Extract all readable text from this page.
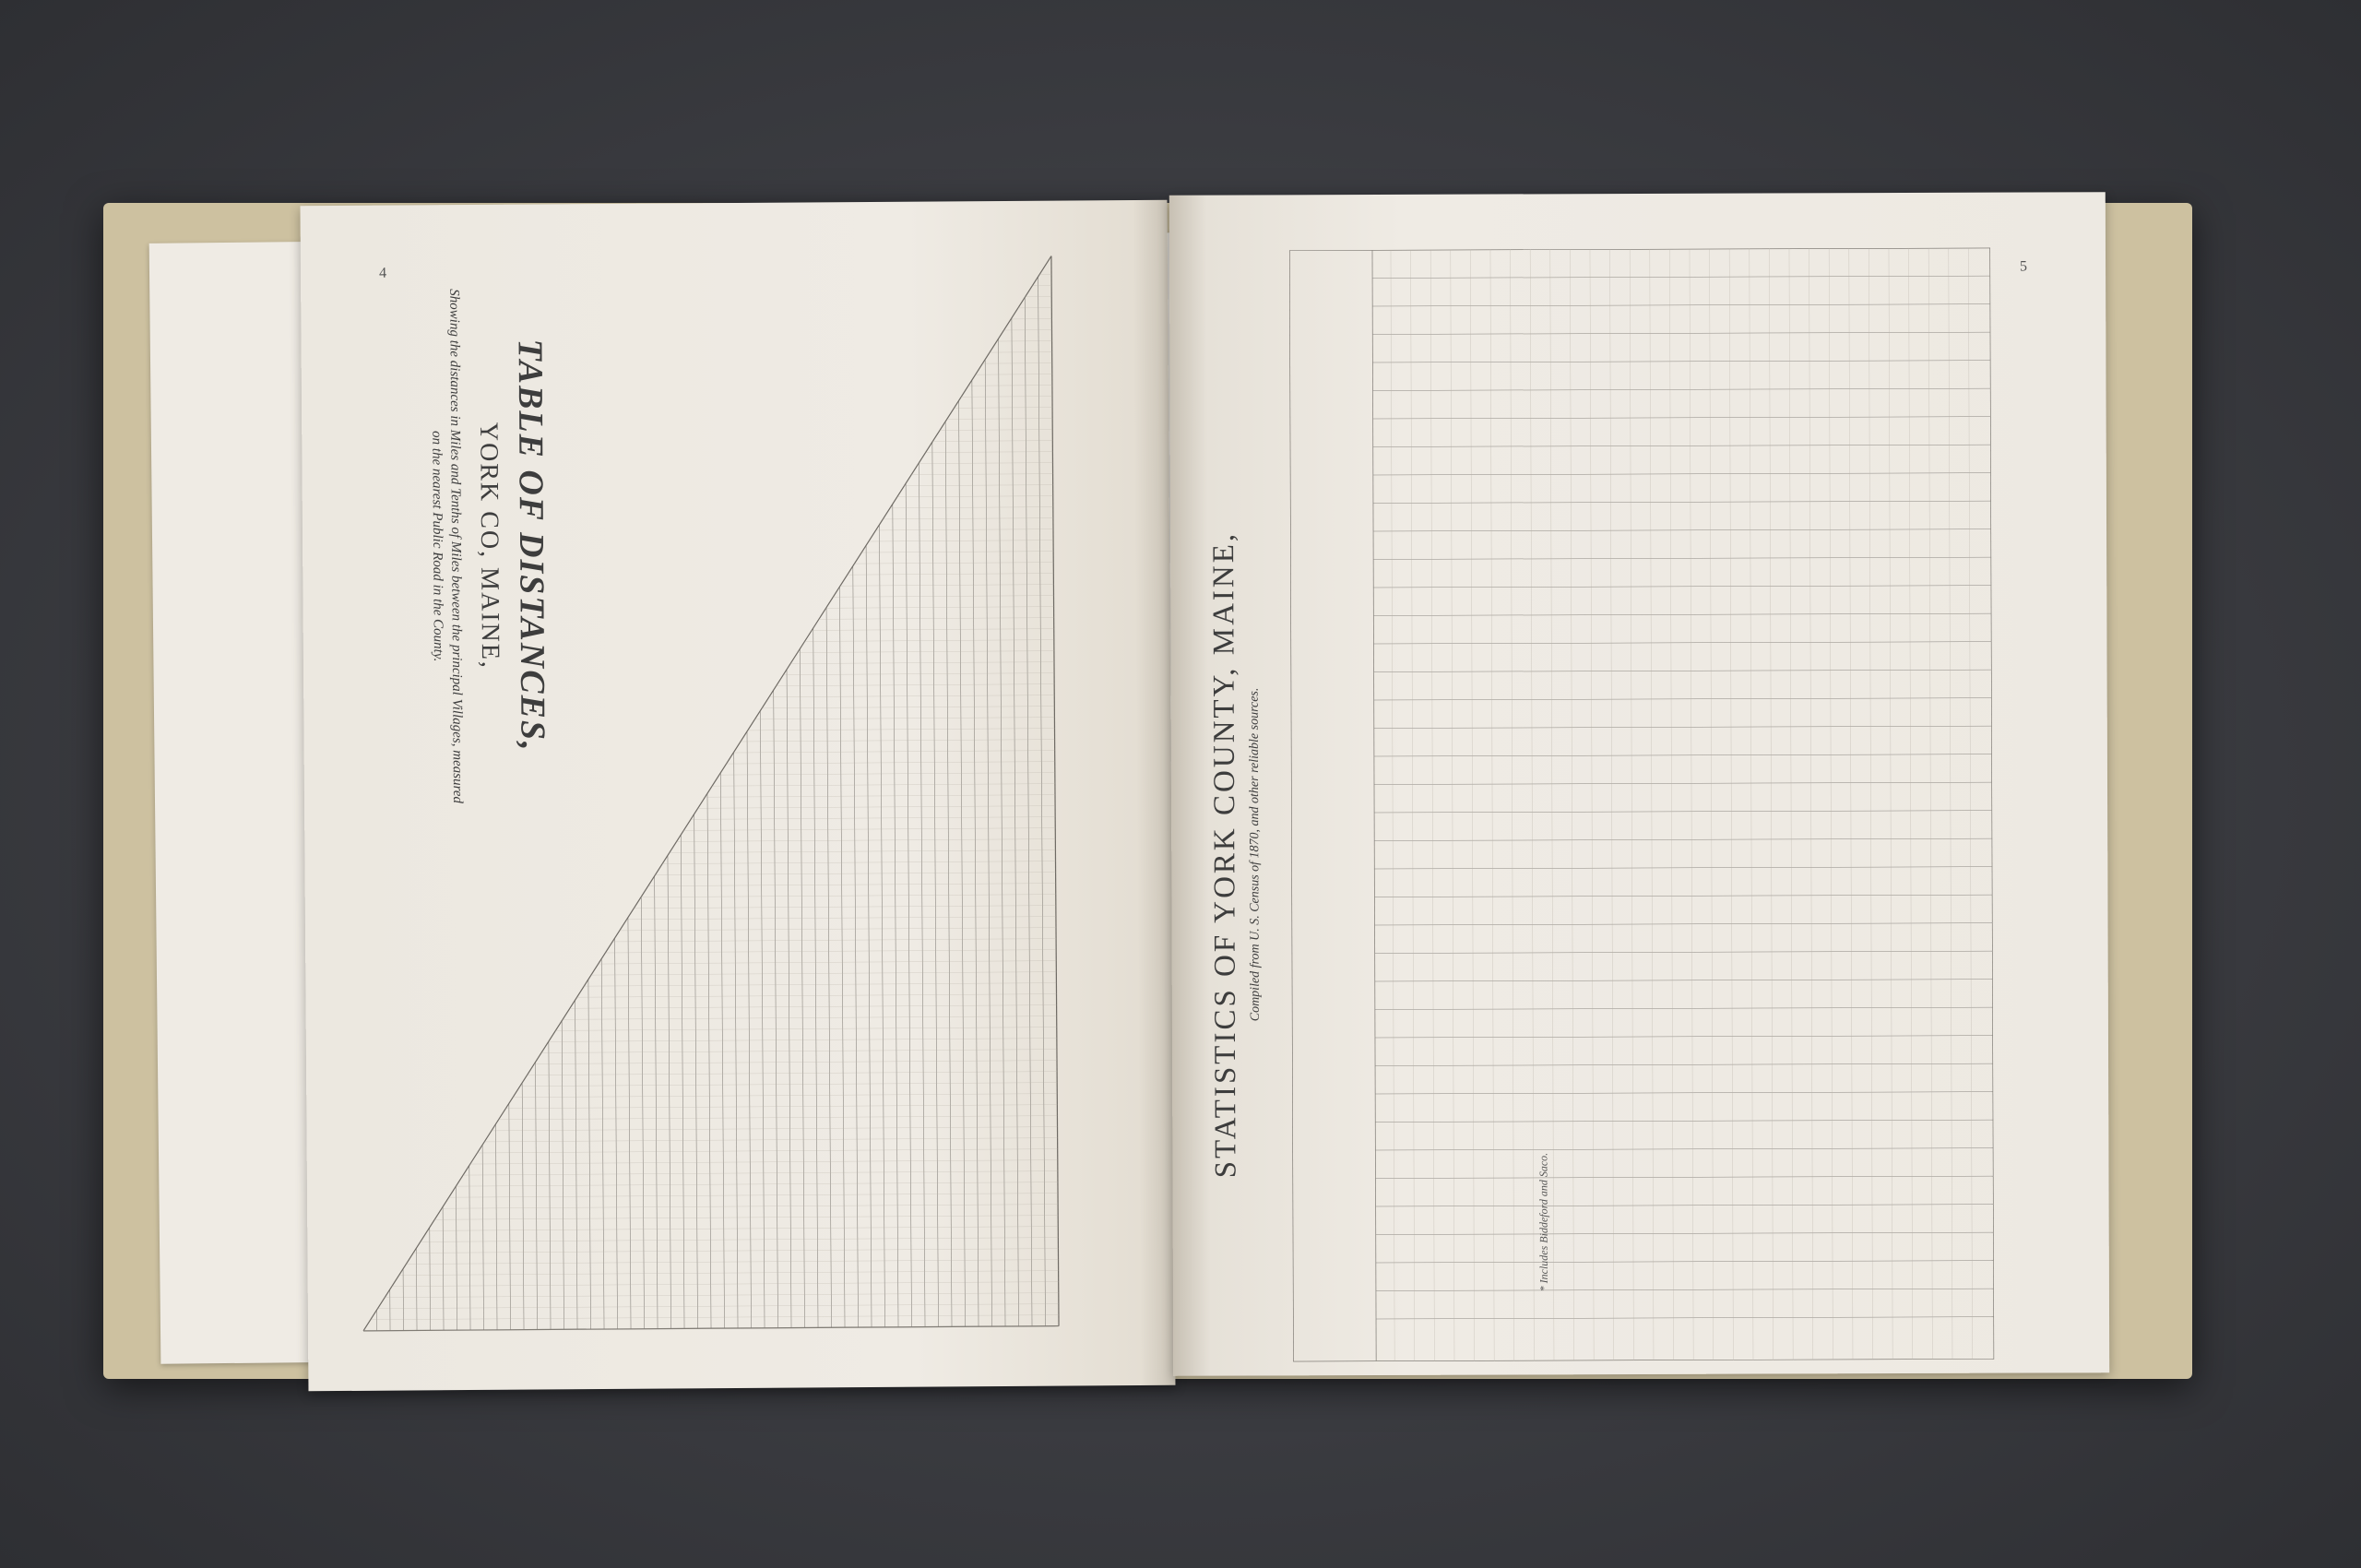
4
TABLE OF DISTANCES,
YORK CO, MAINE,
Showing the distances in Miles and Tenths of Miles between the principal Villages, measured on the nearest Public Road in the County.
5
STATISTICS OF YORK COUNTY, MAINE, Compiled from U. S. Census of 1870, and other reliable sources.
* Includes Biddeford and Saco.
